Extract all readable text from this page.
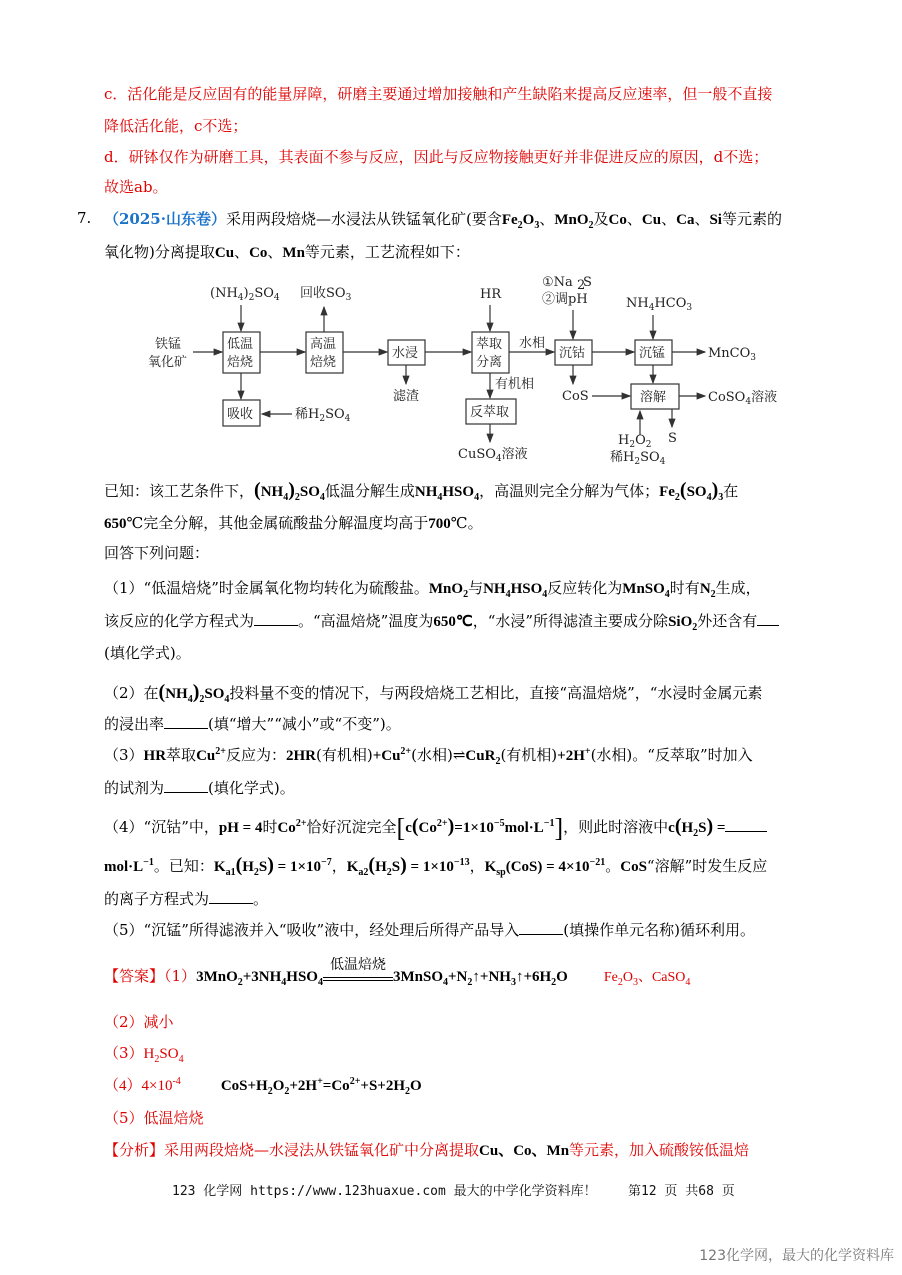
c．活化能是反应固有的能量屏障，研磨主要通过增加接触和产生缺陷来提高反应速率，但一般不直接
降低活化能，c不选；
d．研钵仅作为研磨工具，其表面不参与反应，因此与反应物接触更好并非促进反应的原因，d不选；
故选ab。
7. （2025·山东卷）采用两段焙烧—水浸法从铁锰氧化矿(要含$Fe_2O_3$、MnO$_2$及Co、Cu、Ca、Si等元素的
氧化物)分离提取Cu、Co、Mn等元素，工艺流程如下：
铁锰
氧化矿
$(NH_4)_2SO_4$
低温
焙烧
吸收	稀$H_2SO_4$
高温
焙烧
回收$SO_3$
水浸
滤渣
HR
萃取
分离
水相
有机相
反萃取
CuSO$_4$溶液
①Na 2
S
②调pH
沉钴
CoS
$NH_4HCO_3$
沉锰	MnCO$_3$
溶解	CoSO$_4$溶液
S
$H_2O_2$
稀$H_2SO_4$
已知：该工艺条件下，$(NH_4)_2SO_4$低温分解生成$NH_4HSO_4$，高温则完全分解为气体；$Fe_2(SO_4)_3$在
650℃完全分解，其他金属硫酸盐分解温度均高于700℃。
回答下列问题：
（1）“低温焙烧”时金属氧化物均转化为硫酸盐。MnO$_2$与$NH_4HSO_4$反应转化为MnSO$_4$时有$N_2$生成，
该反应的化学方程式为	。“高温焙烧”温度为650℃，“水浸”所得滤渣主要成分除SiO$_2$外还含有
(填化学式)。
（2）在$(NH_4)_2SO_4$投料量不变的情况下，与两段焙烧工艺相比，直接“高温焙烧”，“水浸时金属元素
的浸出率	(填“增大”“减小”或“不变”)。
（3）HR萃取$Cu^{2+}$反应为：2HR(有机相)$+Cu^{2+}$(水相)⇌CuR$_2$(有机相)+2H+(水相)。“反萃取”时加入
的试剂为	(填化学式)。
（4）“沉钴”中，pH = 4时$Co^{2+}$恰好沉淀完全$[c(Co^{2+})=1\times 10^{-5}mol\cdot L^{-1}]$，则此时溶液中$c(H_2S)$ =
$mol\cdot L^{-1}$。已知：$K_{a1}(H_2S) = 1\times 10^{-7}$，$K_{a2}(H_2S) = 1\times 10^{-13}$，$K_{sp}(CoS) = 4\times 10^{-21}$。CoS“溶解”时发生反应
的离子方程式为	。
（5）“沉锰”所得滤液并入“吸收”液中，经处理后所得产品导入	(填操作单元名称)循环利用。
【答案】$(1)3MnO_2+3NH_4HSO_4$
低温焙烧
$3MnSO_4+N_2↑+NH_3↑+6H_2O$	$Fe_2O_3$、CaSO$_4$
（2）减小
$(3)H_2SO_4$
$(4)4\times 10^{-4}$	$CoS+H_2O_2+2H^+=Co^{2+}+S+2H_2O$
（5）低温焙烧
【分析】采用两段焙烧—水浸法从铁锰氧化矿中分离提取Cu、Co、Mn等元素，加入硫酸铵低温焙
123 化学网 https://www.123huaxue.com 最大的中学化学资料库！ 第12 页 共68 页
123化学网，最大的化学资料库
